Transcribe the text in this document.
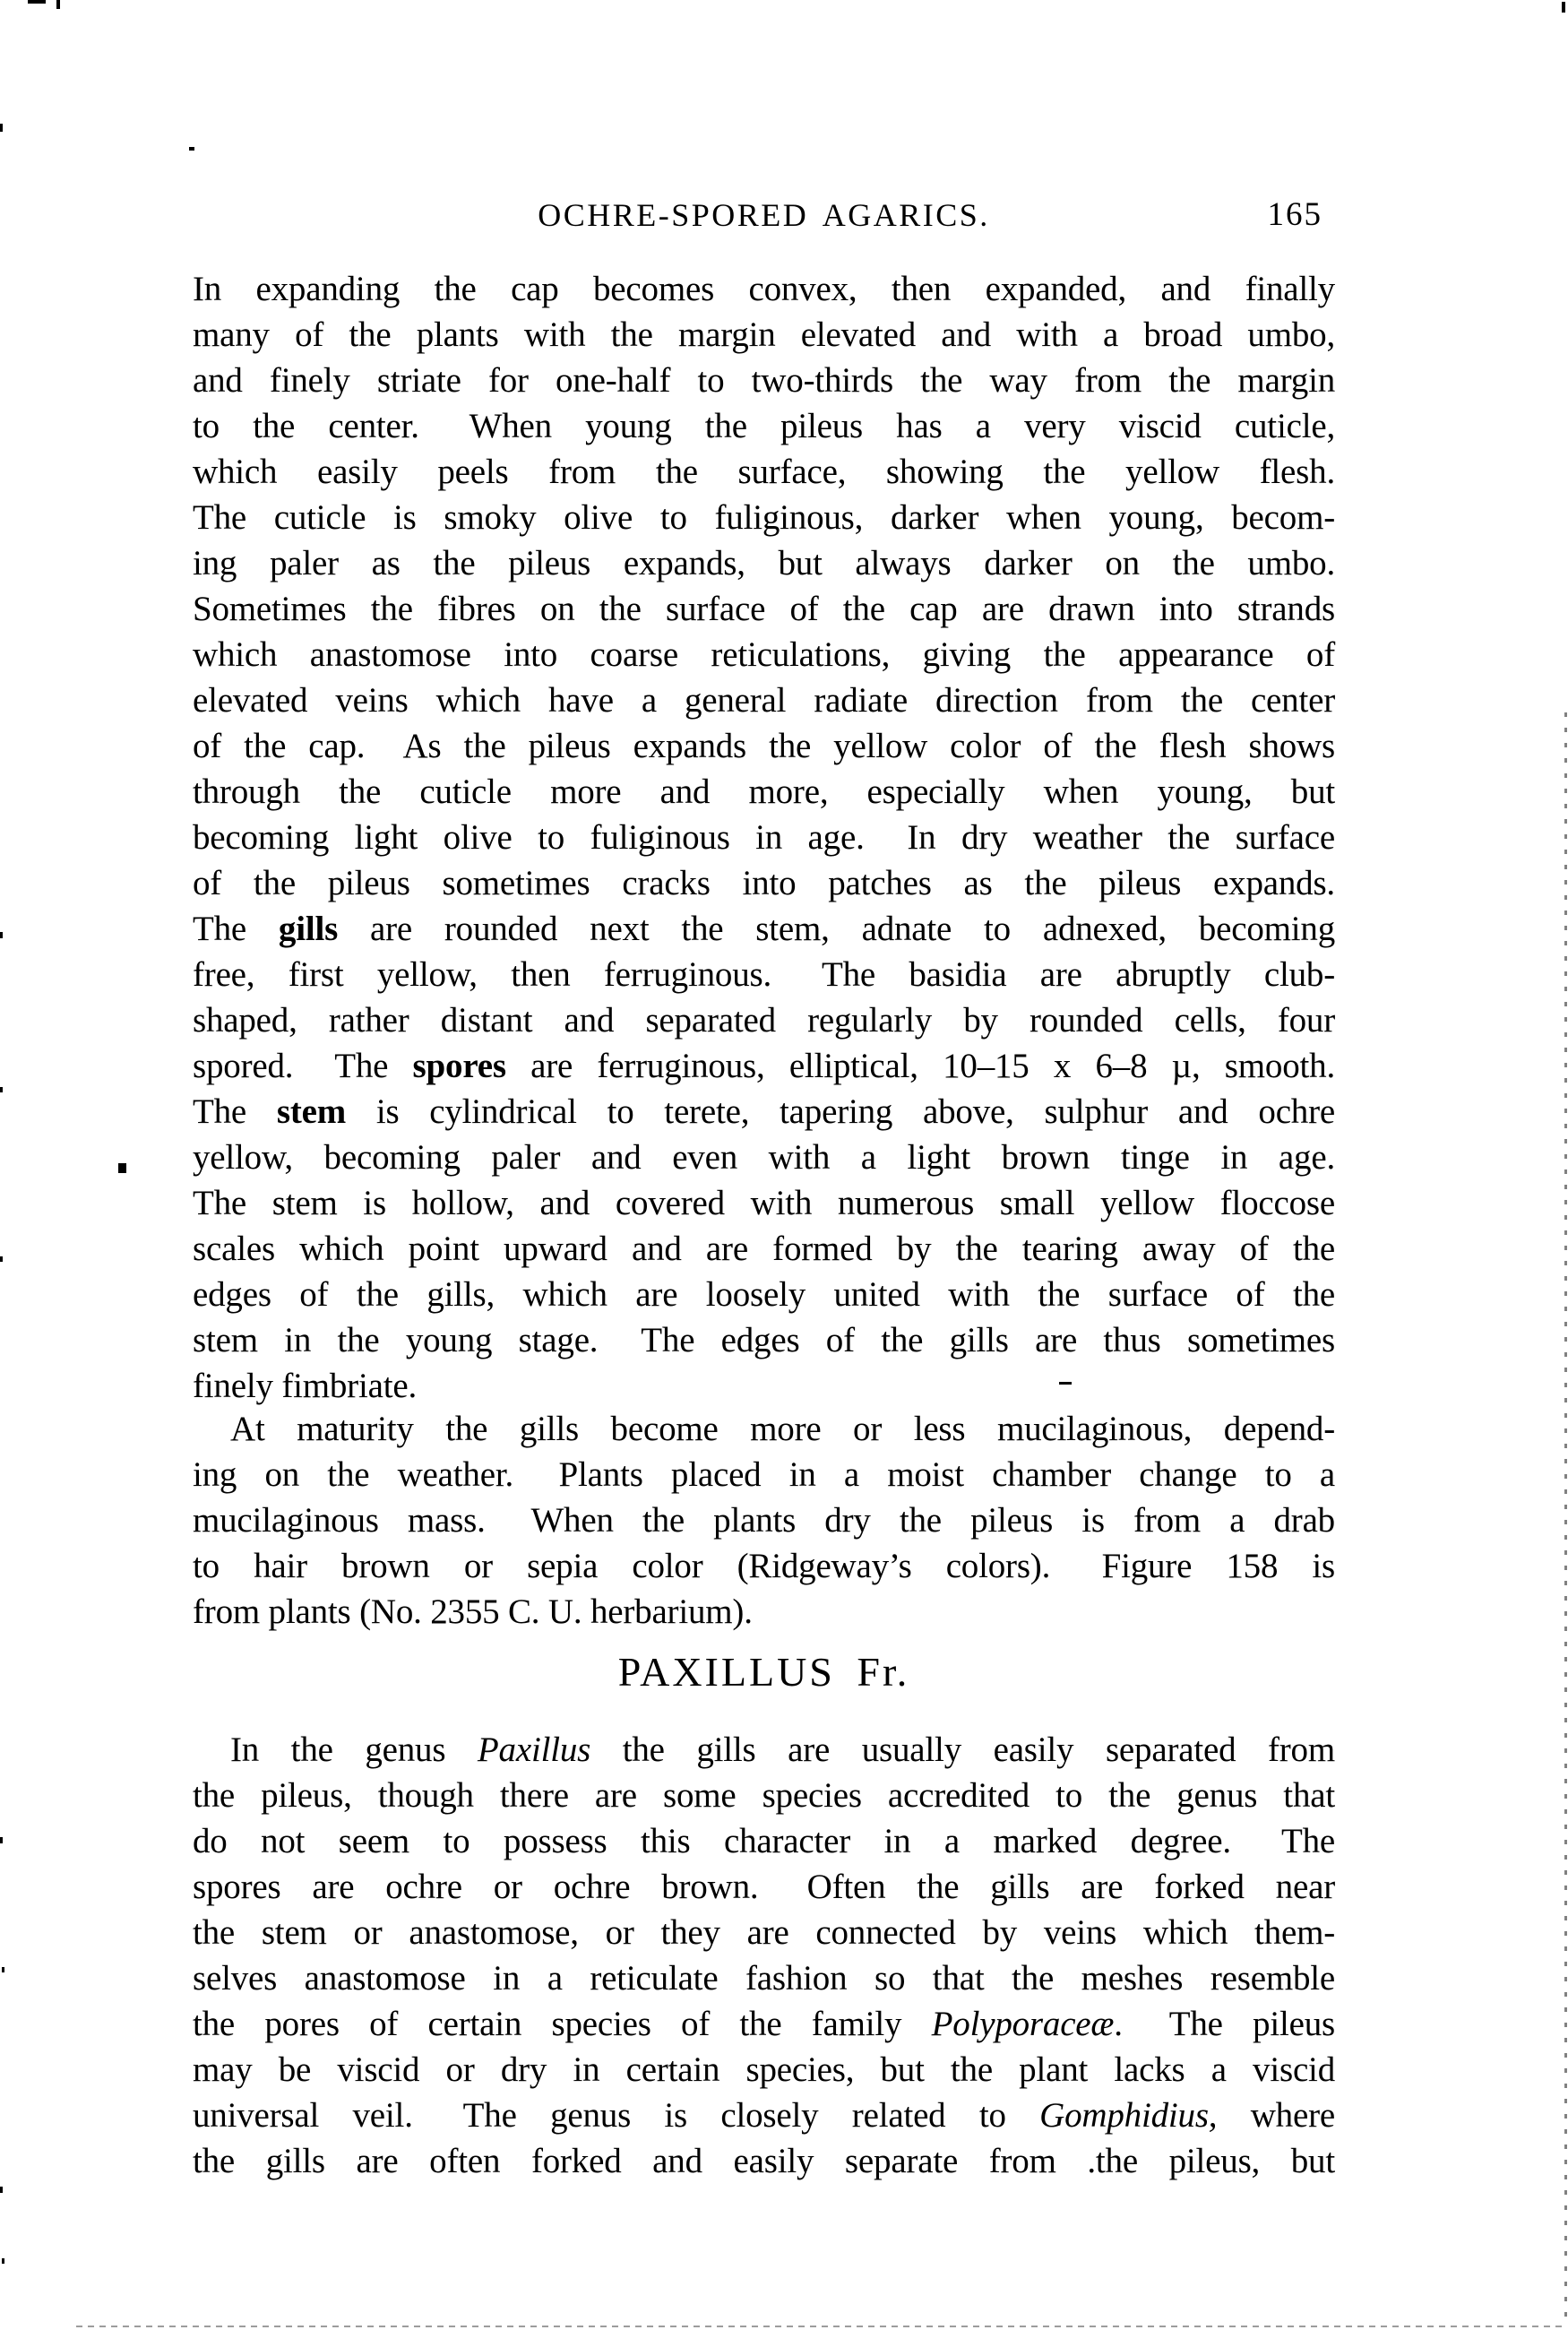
OCHRE-SPORED AGARICS.	165
In expanding the cap becomes convex, then expanded, and finally
many of the plants with the margin elevated and with a broad umbo,
and finely striate for one-half to two-thirds the way from the margin
to the center.  When young the pileus has a very viscid cuticle,
which easily peels from the surface, showing the yellow flesh.
The cuticle is smoky olive to fuliginous, darker when young, becom-
ing paler as the pileus expands, but always darker on the umbo.
Sometimes the fibres on the surface of the cap are drawn into strands
which anastomose into coarse reticulations, giving the appearance of
elevated veins which have a general radiate direction from the center
of the cap.  As the pileus expands the yellow color of the flesh shows
through the cuticle more and more, especially when young, but
becoming light olive to fuliginous in age.  In dry weather the surface
of the pileus sometimes cracks into patches as the pileus expands.
The gills are rounded next the stem, adnate to adnexed, becoming
free, first yellow, then ferruginous.  The basidia are abruptly club-
shaped, rather distant and separated regularly by rounded cells, four
spored.  The spores are ferruginous, elliptical, 10–15 x 6–8 µ, smooth.
The stem is cylindrical to terete, tapering above, sulphur and ochre
yellow, becoming paler and even with a light brown tinge in age.
The stem is hollow, and covered with numerous small yellow floccose
scales which point upward and are formed by the tearing away of the
edges of the gills, which are loosely united with the surface of the
stem in the young stage.  The edges of the gills are thus sometimes
finely fimbriate.
At maturity the gills become more or less mucilaginous, depend-
ing on the weather.  Plants placed in a moist chamber change to a
mucilaginous mass.  When the plants dry the pileus is from a drab
to hair brown or sepia color (Ridgeway’s colors).  Figure 158 is
from plants (No. 2355 C. U. herbarium).
PAXILLUS Fr.
In the genus Paxillus the gills are usually easily separated from
the pileus, though there are some species accredited to the genus that
do not seem to possess this character in a marked degree.  The
spores are ochre or ochre brown.  Often the gills are forked near
the stem or anastomose, or they are connected by veins which them-
selves anastomose in a reticulate fashion so that the meshes resemble
the pores of certain species of the family Polyporaceæ.  The pileus
may be viscid or dry in certain species, but the plant lacks a viscid
universal veil.  The genus is closely related to Gomphidius, where
the gills are often forked and easily separate from .the pileus, but
